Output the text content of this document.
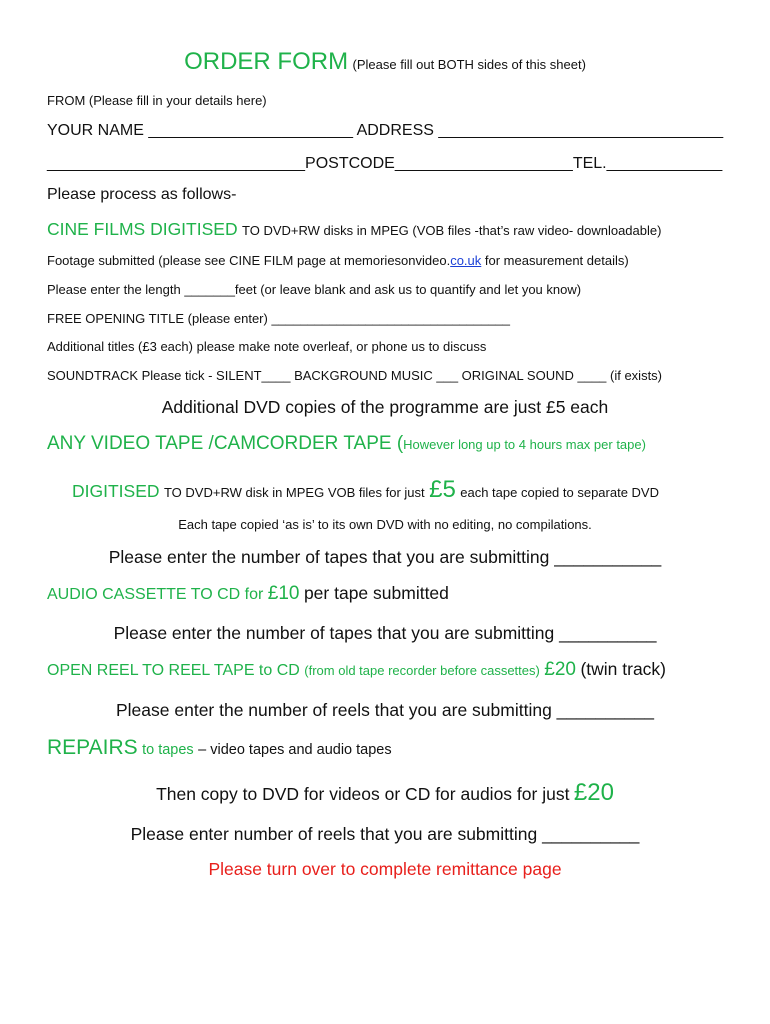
ORDER FORM (Please fill out BOTH sides of this sheet)
FROM (Please fill in your details here)
YOUR NAME _______________________ ADDRESS ________________________________
_____________________________POSTCODE____________________TEL._____________
Please process as follows-
CINE FILMS DIGITISED TO DVD+RW disks in MPEG (VOB files -that’s raw video- downloadable)
Footage submitted (please see CINE FILM page at memoriesonvideo.co.uk for measurement details)
Please enter the length _______feet (or leave blank and ask us to quantify and let you know)
FREE OPENING TITLE (please enter) _________________________________
Additional titles (£3 each) please make note overleaf, or phone us to discuss
SOUNDTRACK Please tick - SILENT____ BACKGROUND MUSIC ___ ORIGINAL SOUND ____ (if exists)
Additional DVD copies of the programme are just £5 each
ANY VIDEO TAPE /CAMCORDER TAPE (However long up to 4 hours max per tape)
DIGITISED TO DVD+RW disk in MPEG VOB files for just £5 each tape copied to separate DVD
Each tape copied ‘as is’ to its own DVD with no editing, no compilations.
Please enter the number of tapes that you are submitting ___________
AUDIO CASSETTE TO CD for £10 per tape submitted
Please enter the number of tapes that you are submitting __________
OPEN REEL TO REEL TAPE to CD (from old tape recorder before cassettes) £20 (twin track)
Please enter the number of reels that you are submitting __________
REPAIRS to tapes – video tapes and audio tapes
Then copy to DVD for videos or CD for audios for just £20
Please enter number of reels that you are submitting __________
Please turn over to complete remittance page
